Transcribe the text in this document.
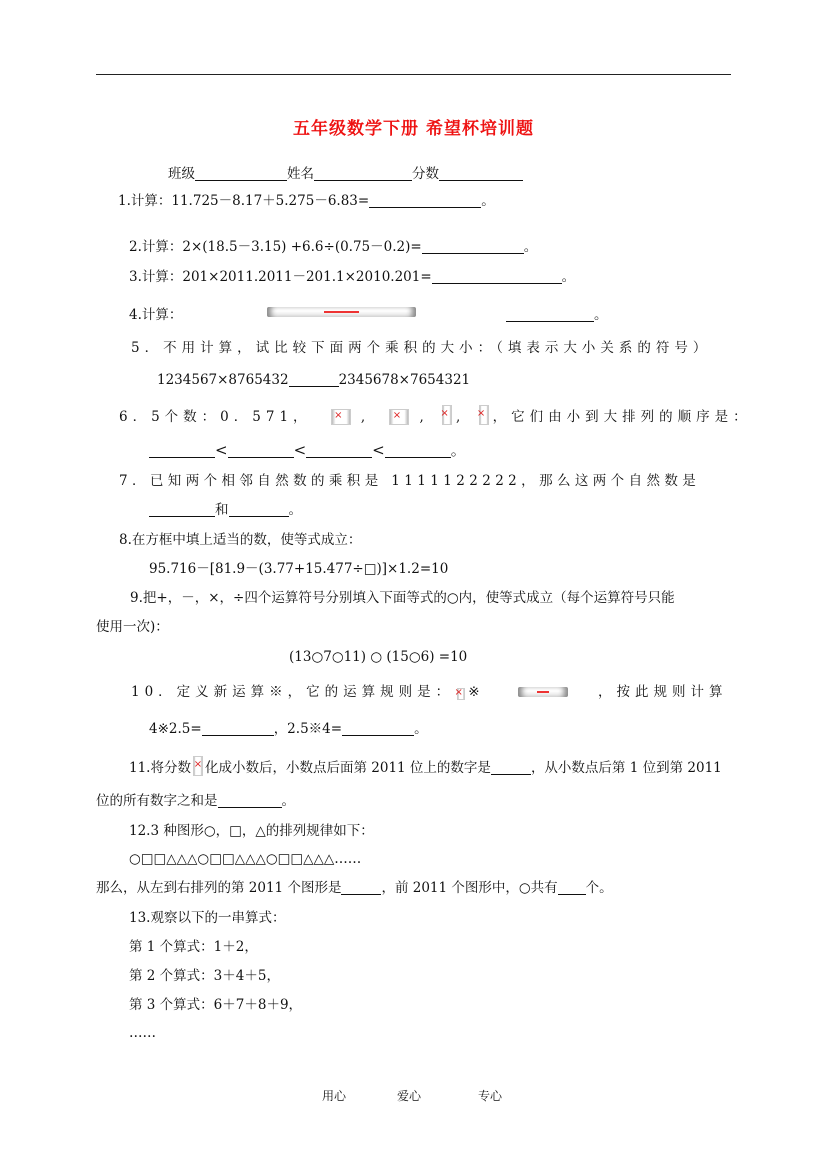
五年级数学下册 希望杯培训题
班级	姓名	分数
1.计算：11.725－8.17＋5.275－6.83=	。
2.计算：2×(18.5－3.15) +6.6÷(0.75－0.2)=	。
3.计算：201×2011.2011－201.1×2010.201=	。
4.计算：	。
5．不用计算，试比较下面两个乘积的大小：（填表示大小关系的符号）
1234567×8765432	2345678×7654321
6．5个数：0．571， ×	, ×	, ×, ×，它们由小到大排列的顺序是：
<	<	<	。
7．已知两个相邻自然数的乘积是 1111122222，那么这两个自然数是
和	。
8.在方框中填上适当的数，使等式成立：
95.716－[81.9－(3.77+15.477÷□)]×1.2=10
9.把+，－，×，÷四个运算符号分别填入下面等式的○内，使等式成立（每个运算符号只能
使用一次)：
(13○7○11) ○ (15○6) =10
10．定义新运算※，它的运算规则是： × ※	，按此规则计算
4※2.5=	，2.5※4=	。
11.将分数 × 化成小数后，小数点后面第 2011 位上的数字是	，从小数点后第 1 位到第 2011
位的所有数字之和是	。
12.3 种图形○，□，△的排列规律如下：
○□□△△△○□□△△△○□□△△△……
那么，从左到右排列的第 2011 个图形是	，前 2011 个图形中，○共有 个。
13.观察以下的一串算式：
第 1 个算式：1＋2，
第 2 个算式：3＋4＋5，
第 3 个算式：6＋7＋8＋9，
……
用心	爱心	专心
